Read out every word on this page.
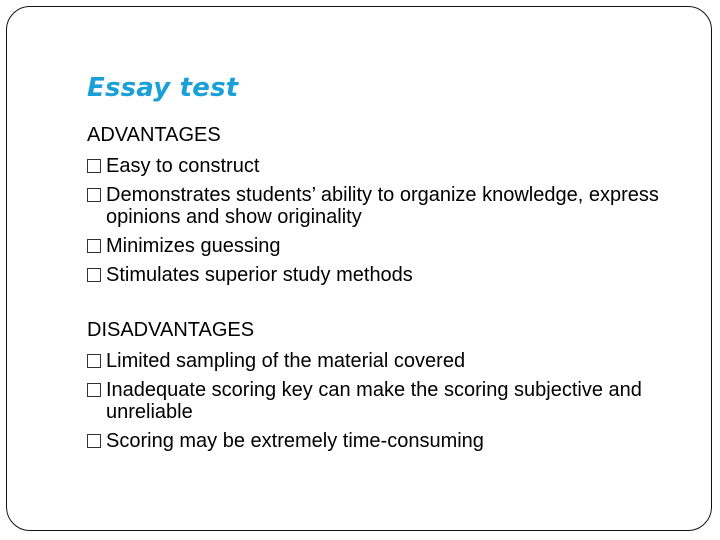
Essay test
ADVANTAGES
Easy to construct
Demonstrates students’ ability to organize knowledge, express opinions and show originality
Minimizes guessing
Stimulates superior study methods
DISADVANTAGES
Limited sampling of the material covered
Inadequate scoring key can make the scoring subjective and unreliable
Scoring may be extremely time-consuming
